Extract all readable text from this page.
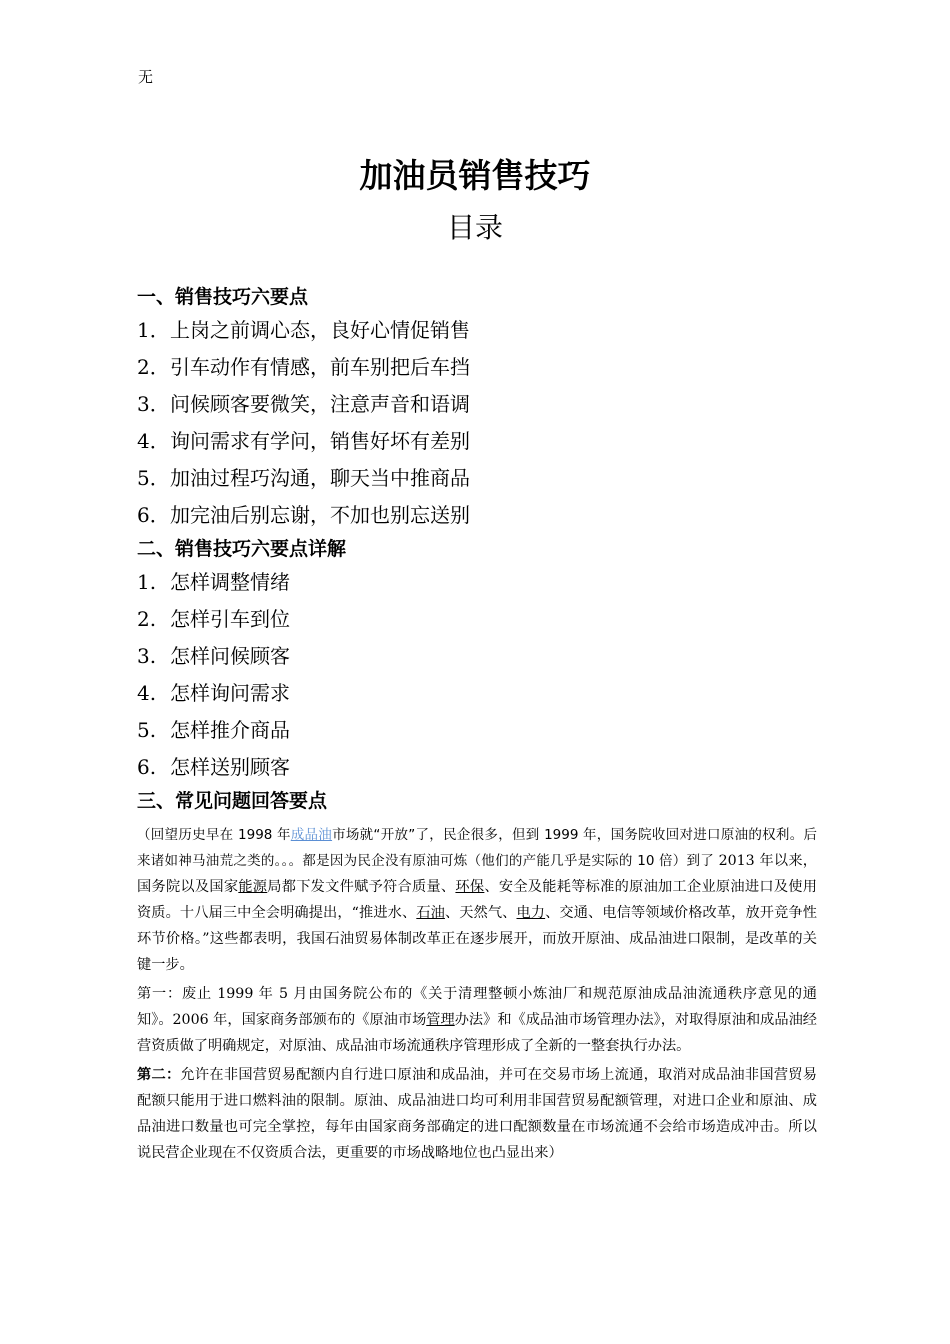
无
加油员销售技巧
目录
一、销售技巧六要点
1．上岗之前调心态，良好心情促销售
2．引车动作有情感，前车别把后车挡
3．问候顾客要微笑，注意声音和语调
4．询问需求有学问，销售好坏有差别
5．加油过程巧沟通，聊天当中推商品
6．加完油后别忘谢，不加也别忘送别
二、销售技巧六要点详解
1. 怎样调整情绪
2. 怎样引车到位
3. 怎样问候顾客
4. 怎样询问需求
5. 怎样推介商品
6. 怎样送别顾客
三、常见问题回答要点

（回望历史早在 1998 年成品油市场就“开放”了，民企很多，但到 1999 年，国务院收回对进口原油的权利。后来诸如神马油荒之类的。。。都是因为民企没有原油可炼（他们的产能几乎是实际的 10 倍）到了 2013 年以来，国务院以及国家能源局都下发文件赋予符合质量、环保、安全及能耗等标准的原油加工企业原油进口及使用资质。十八届三中全会明确提出，“推进水、石油、天然气、电力、交通、电信等领域价格改革，放开竞争性环节价格。”这些都表明，我国石油贸易体制改革正在逐步展开，而放开原油、成品油进口限制，是改革的关键一步。

第一：废止 1999 年 5 月由国务院公布的《关于清理整顿小炼油厂和规范原油成品油流通秩序意见的通知》。2006 年，国家商务部颁布的《原油市场管理办法》和《成品油市场管理办法》，对取得原油和成品油经营资质做了明确规定，对原油、成品油市场流通秩序管理形成了全新的一整套执行办法。

第二：允许在非国营贸易配额内自行进口原油和成品油，并可在交易市场上流通，取消对成品油非国营贸易配额只能用于进口燃料油的限制。原油、成品油进口均可利用非国营贸易配额管理，对进口企业和原油、成品油进口数量也可完全掌控，每年由国家商务部确定的进口配额数量在市场流通不会给市场造成冲击。所以说民营企业现在不仅资质合法，更重要的市场战略地位也凸显出来）
